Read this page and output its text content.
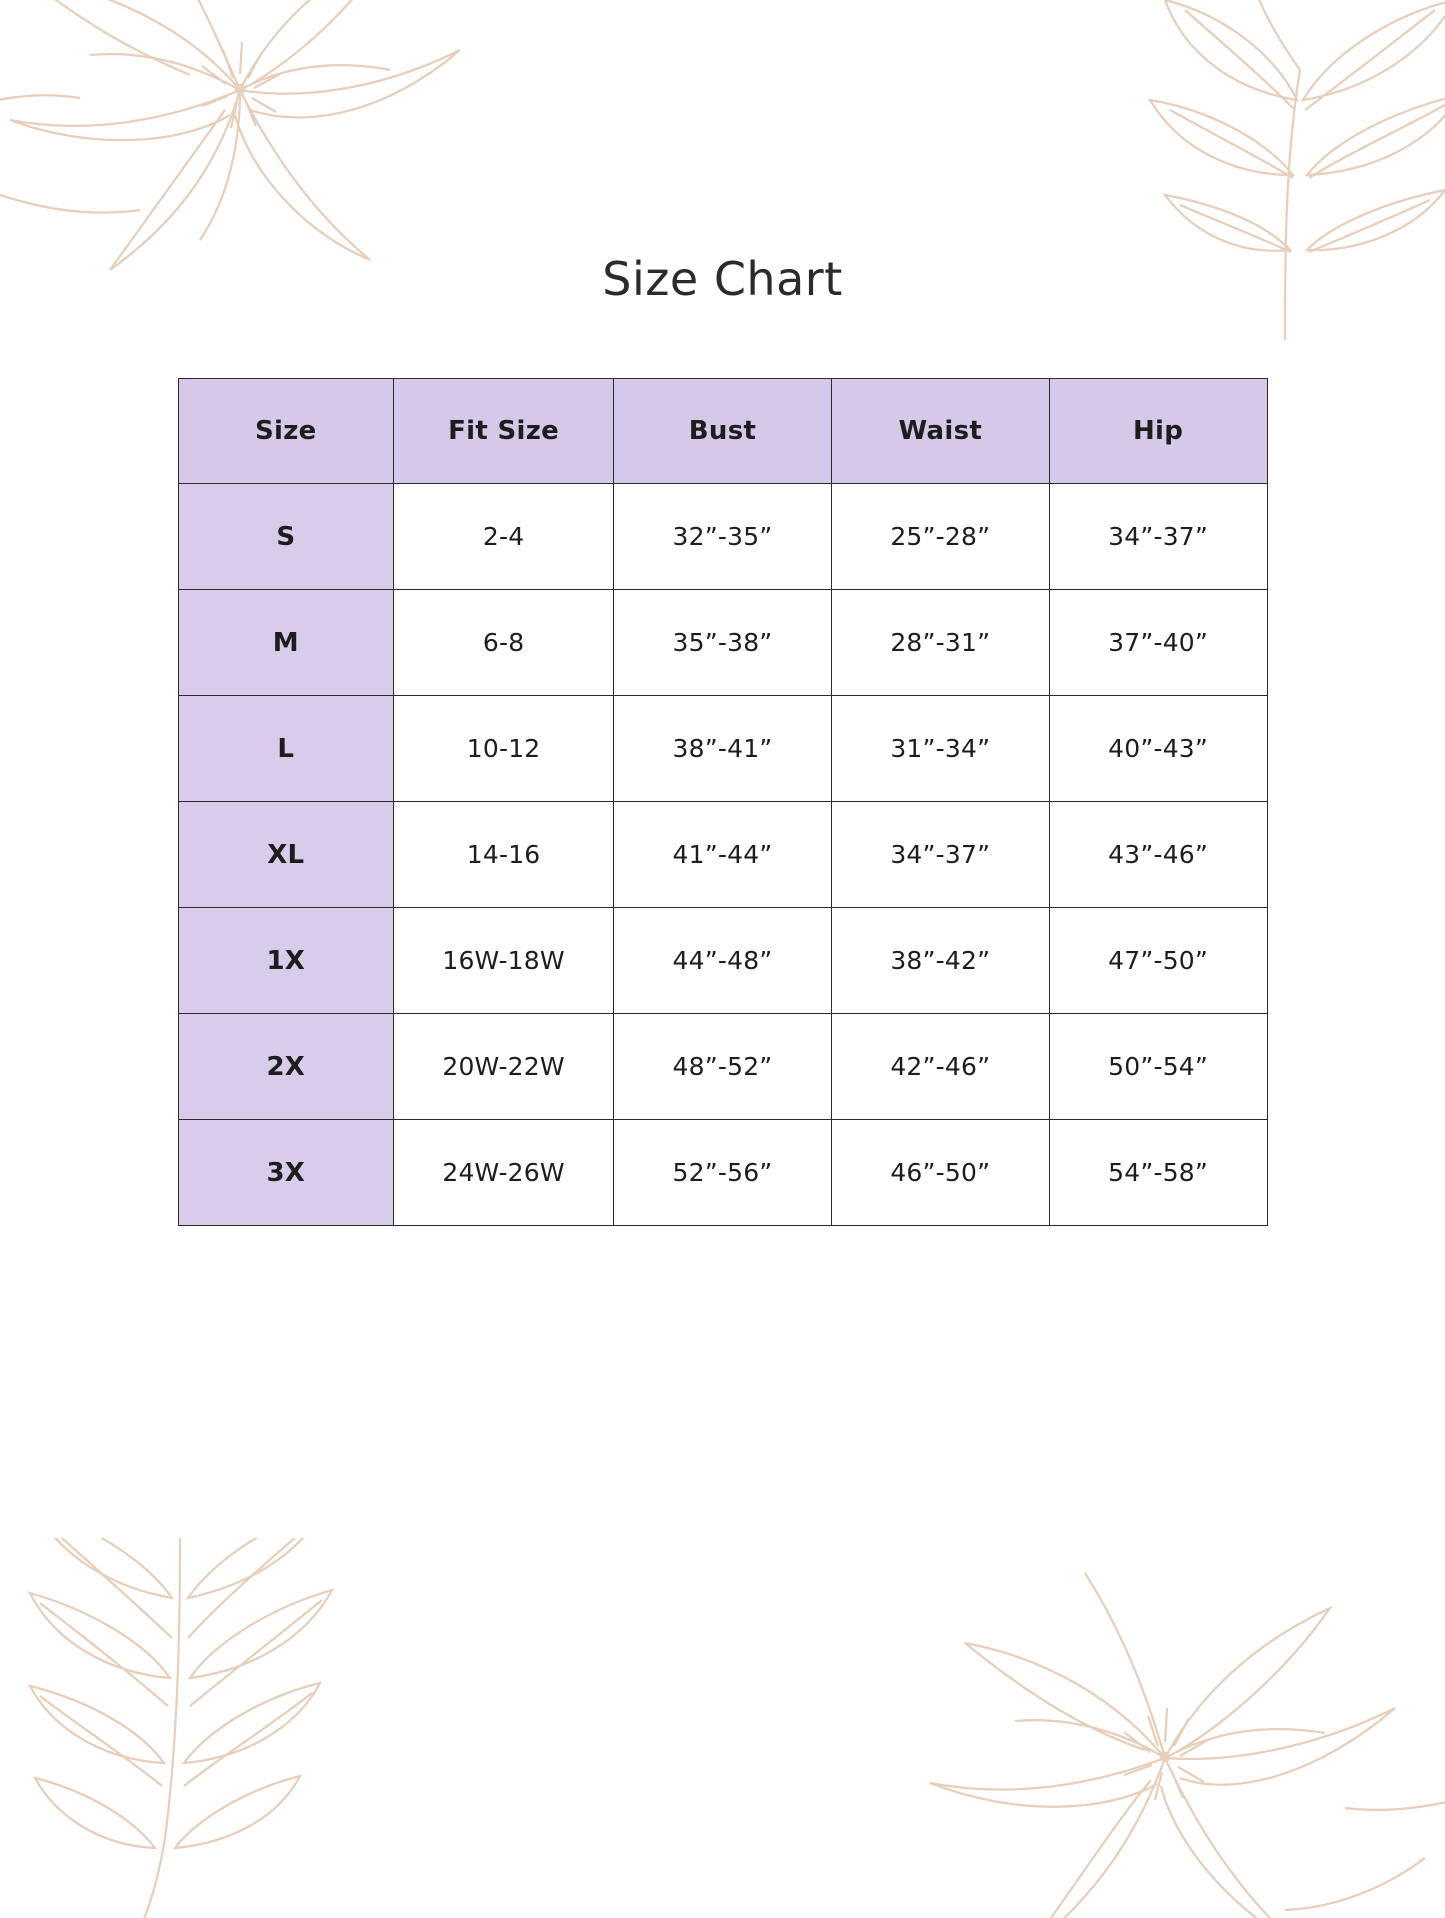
Size Chart
Size	Fit Size	Bust	Waist	Hip
S	2-4	32”-35”	25”-28”	34”-37”
M	6-8	35”-38”	28”-31”	37”-40”
L	10-12	38”-41”	31”-34”	40”-43”
XL	14-16	41”-44”	34”-37”	43”-46”
1X	16W-18W	44”-48”	38”-42”	47”-50”
2X	20W-22W	48”-52”	42”-46”	50”-54”
3X	24W-26W	52”-56”	46”-50”	54”-58”
